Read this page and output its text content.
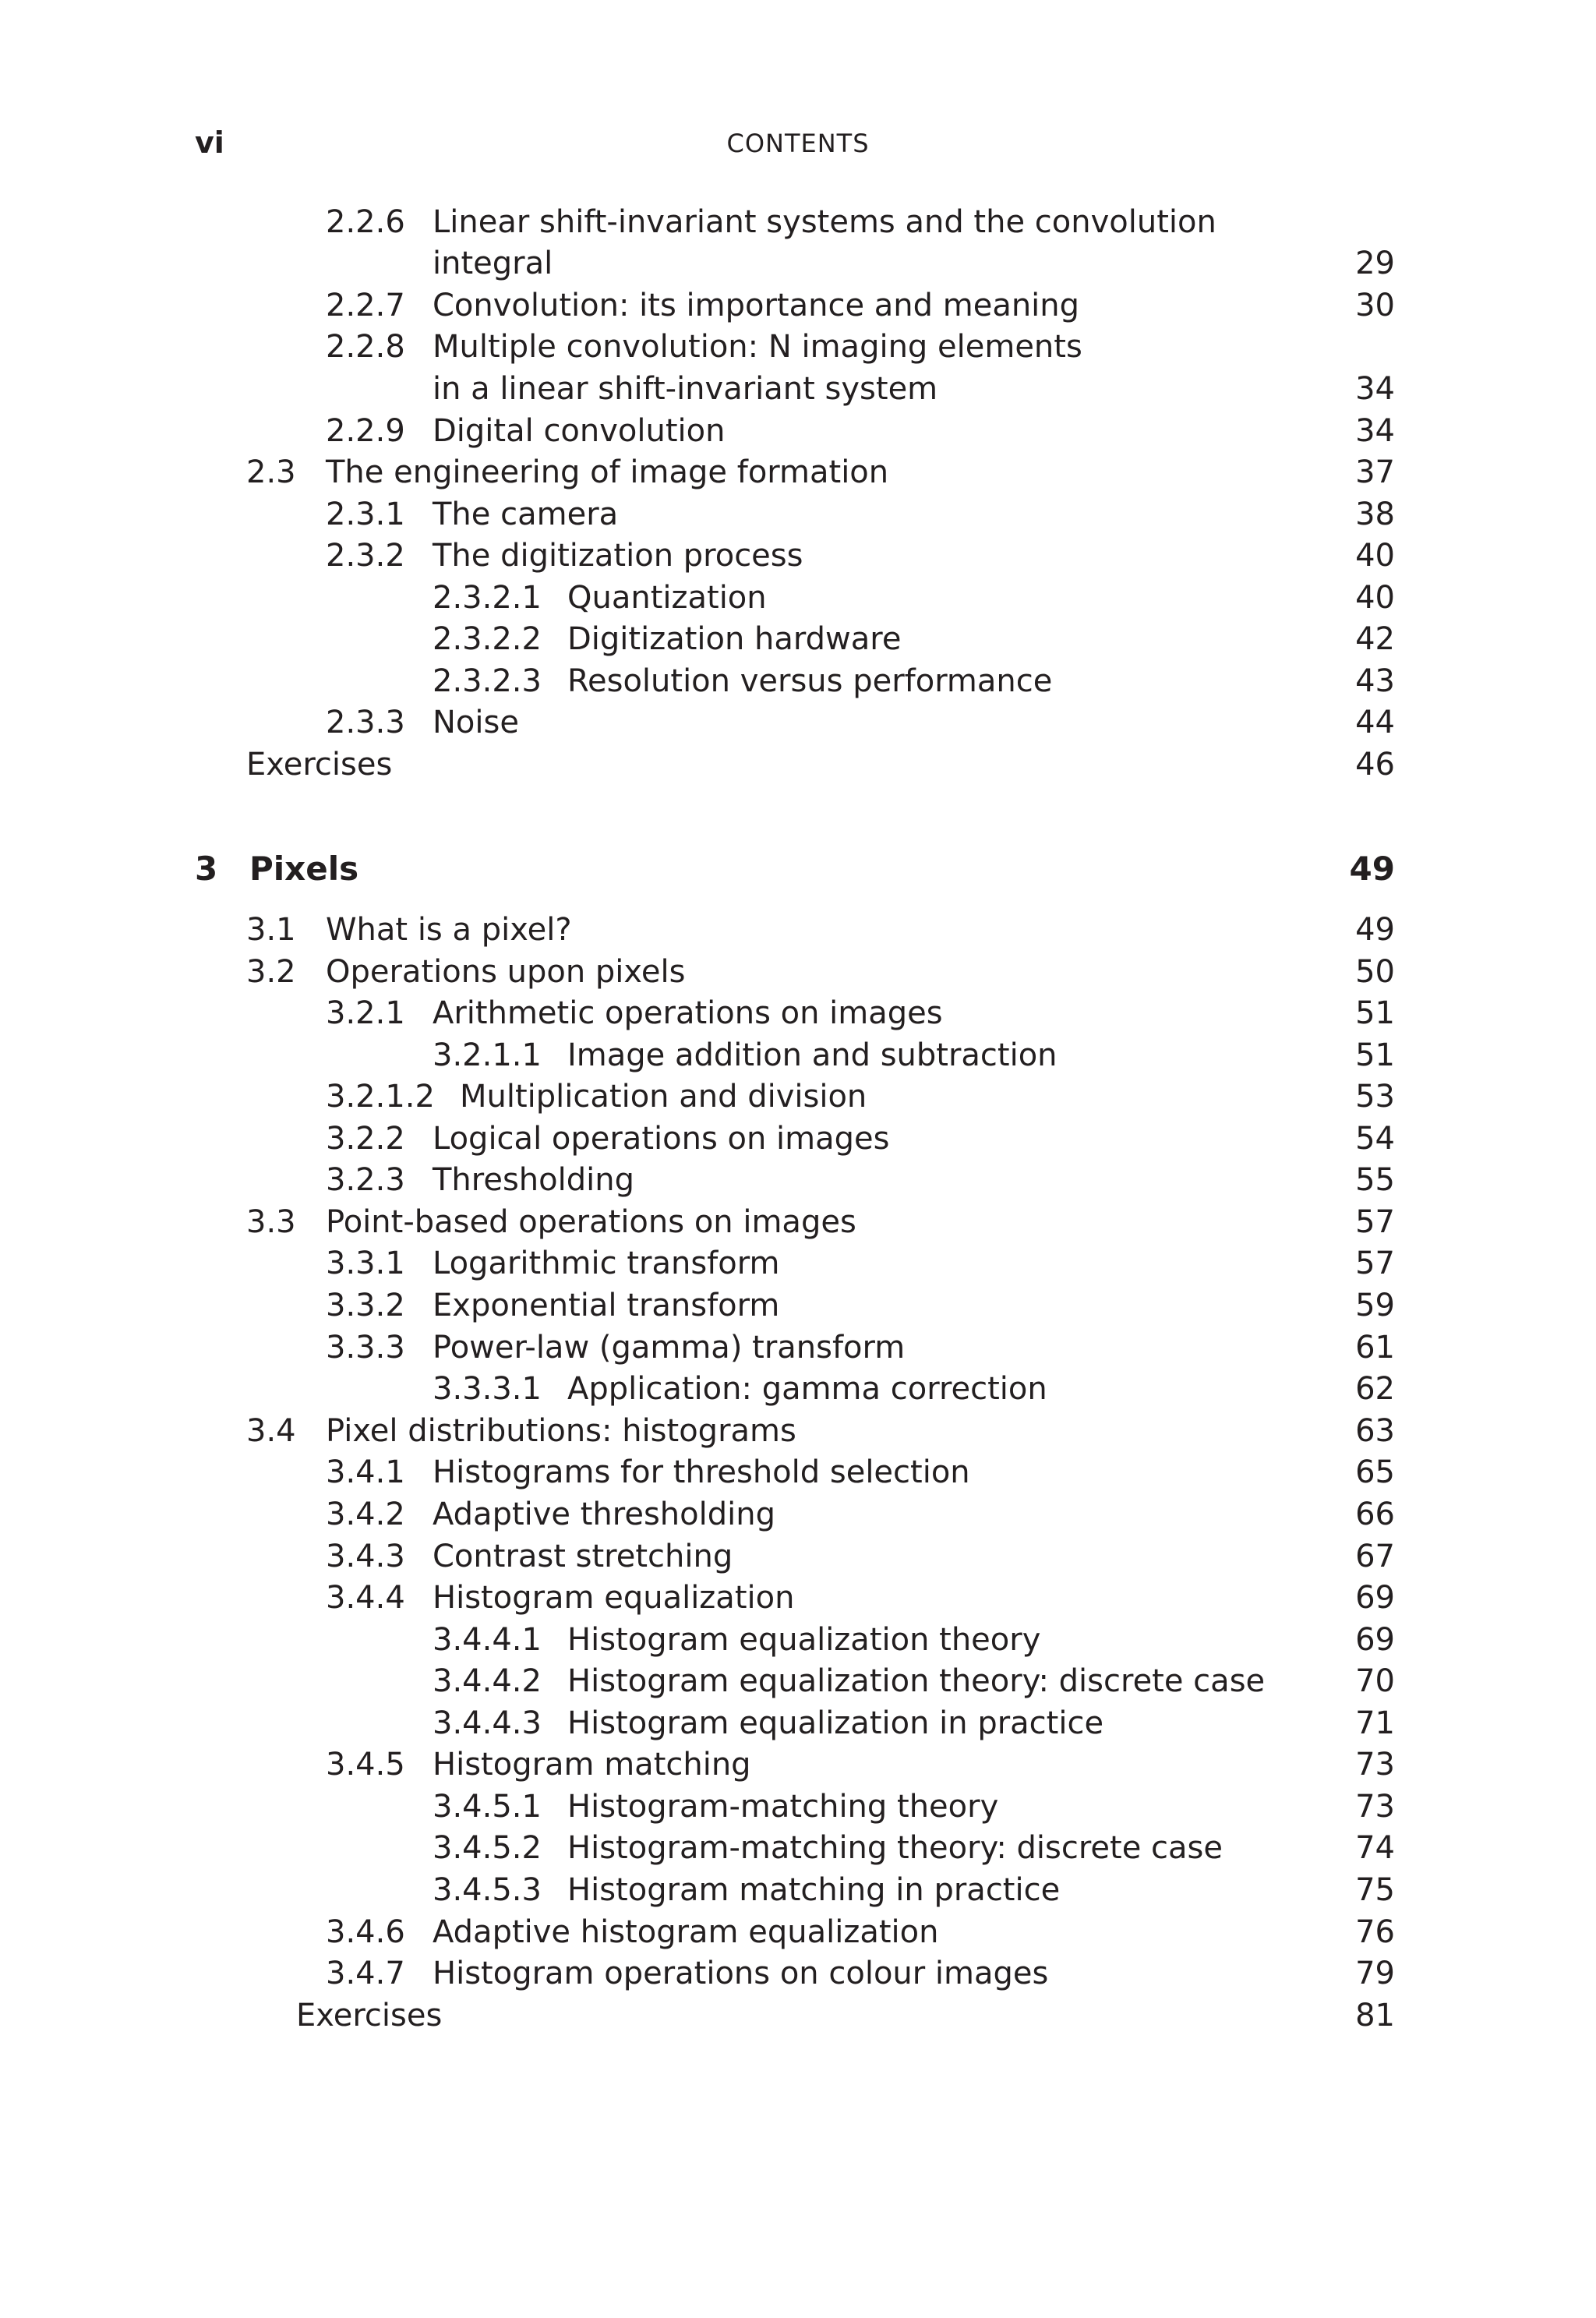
vi	CONTENTS
2.2.6 Linear shift-invariant systems and the convolution
integral	29
2.2.7 Convolution: its importance and meaning	30
2.2.8 Multiple convolution: N imaging elements
in a linear shift-invariant system	34
2.2.9 Digital convolution	34
2.3 The engineering of image formation	37
2.3.1 The camera	38
2.3.2 The digitization process	40
2.3.2.1 Quantization	40
2.3.2.2 Digitization hardware	42
2.3.2.3 Resolution versus performance	43
2.3.3 Noise	44
Exercises	46
3 Pixels	49
3.1 What is a pixel?	49
3.2 Operations upon pixels	50
3.2.1 Arithmetic operations on images	51
3.2.1.1 Image addition and subtraction	51
3.2.1.2 Multiplication and division	53
3.2.2 Logical operations on images	54
3.2.3 Thresholding	55
3.3 Point-based operations on images	57
3.3.1 Logarithmic transform	57
3.3.2 Exponential transform	59
3.3.3 Power-law (gamma) transform	61
3.3.3.1 Application: gamma correction	62
3.4 Pixel distributions: histograms	63
3.4.1 Histograms for threshold selection	65
3.4.2 Adaptive thresholding	66
3.4.3 Contrast stretching	67
3.4.4 Histogram equalization	69
3.4.4.1 Histogram equalization theory	69
3.4.4.2 Histogram equalization theory: discrete case	70
3.4.4.3 Histogram equalization in practice	71
3.4.5 Histogram matching	73
3.4.5.1 Histogram-matching theory	73
3.4.5.2 Histogram-matching theory: discrete case	74
3.4.5.3 Histogram matching in practice	75
3.4.6 Adaptive histogram equalization	76
3.4.7 Histogram operations on colour images	79
Exercises	81
